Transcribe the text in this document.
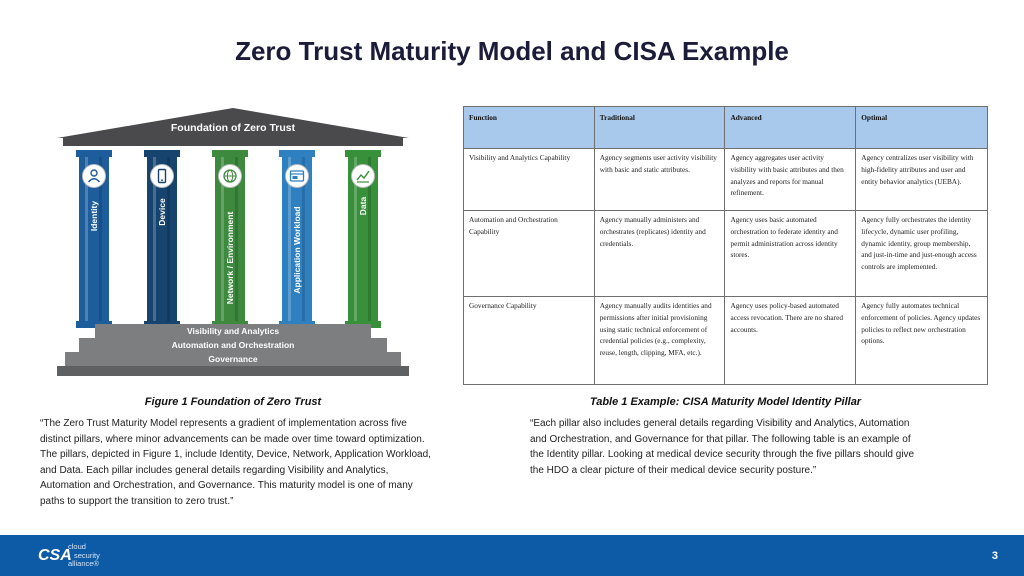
Zero Trust Maturity Model and CISA Example
Foundation of Zero Trust
Identity	Device	Network / Environment	Application Workload
Data
Visibility and Analytics
Automation and Orchestration
Governance
Figure 1 Foundation of Zero Trust
“The Zero Trust Maturity Model represents a gradient of implementation across five distinct pillars, where minor advancements can be made over time toward optimization. The pillars, depicted in Figure 1, include Identity, Device, Network, Application Workload, and Data. Each pillar includes general details regarding Visibility and Analytics, Automation and Orchestration, and Governance. This maturity model is one of many paths to support the transition to zero trust.”
Function	Traditional	Advanced	Optimal
Visibility and Analytics Capability	Agency segments user activity visibility with basic and static attributes.	Agency aggregates user activity visibility with basic attributes and then analyzes and reports for manual refinement.	Agency centralizes user visibility with high-fidelity attributes and user and entity behavior analytics (UEBA).
Automation and Orchestration Capability	Agency manually administers and orchestrates (replicates) identity and credentials.	Agency uses basic automated orchestration to federate identity and permit administration across identity stores.	Agency fully orchestrates the identity lifecycle, dynamic user profiling, dynamic identity, group membership, and just-in-time and just-enough access controls are implemented.
Governance Capability	Agency manually audits identities and permissions after initial provisioning using static technical enforcement of credential policies (e.g., complexity, reuse, length, clipping, MFA, etc.).	Agency uses policy-based automated access revocation. There are no shared accounts.	Agency fully automates technical enforcement of policies. Agency updates policies to reflect new orchestration options.
Table 1 Example: CISA Maturity Model Identity Pillar
“Each pillar also includes general details regarding Visibility and Analytics, Automation and Orchestration, and Governance for that pillar. The following table is an example of the Identity pillar. Looking at medical device security through the five pillars should give the HDO a clear picture of their medical device security posture.”
CSA
cloud
security
alliance®
3
